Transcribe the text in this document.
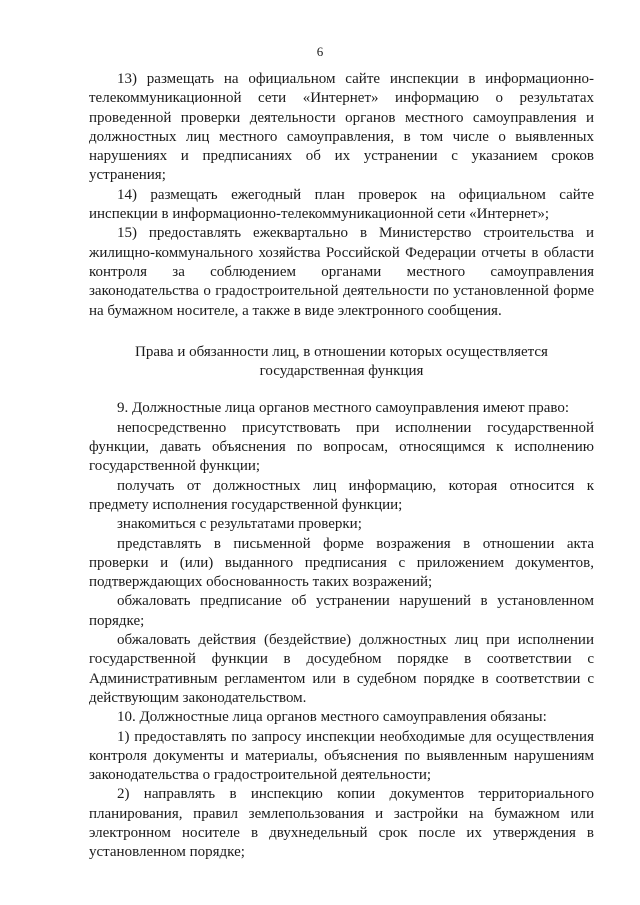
6

13) размещать на официальном сайте инспекции в информационно-телекоммуникационной сети «Интернет» информацию о результатах проведенной проверки деятельности органов местного самоуправления и должностных лиц местного самоуправления, в том числе о выявленных нарушениях и предписаниях об их устранении с указанием сроков устранения;

14) размещать ежегодный план проверок на официальном сайте инспекции в информационно-телекоммуникационной сети «Интернет»;

15) предоставлять ежеквартально в Министерство строительства и жилищно-коммунального хозяйства Российской Федерации отчеты в области контроля за соблюдением органами местного самоуправления законодательства о градостроительной деятельности по установленной форме на бумажном носителе, а также в виде электронного сообщения.

Права и обязанности лиц, в отношении которых осуществляется
государственная функция

9. Должностные лица органов местного самоуправления имеют право:

непосредственно присутствовать при исполнении государственной функции, давать объяснения по вопросам, относящимся к исполнению государственной функции;

получать от должностных лиц информацию, которая относится к предмету исполнения государственной функции;

знакомиться с результатами проверки;

представлять в письменной форме возражения в отношении акта проверки и (или) выданного предписания с приложением документов, подтверждающих обоснованность таких возражений;

обжаловать предписание об устранении нарушений в установленном порядке;

обжаловать действия (бездействие) должностных лиц при исполнении государственной функции в досудебном порядке в соответствии с Административным регламентом или в судебном порядке в соответствии с действующим законодательством.

10. Должностные лица органов местного самоуправления обязаны:

1) предоставлять по запросу инспекции необходимые для осуществления контроля документы и материалы, объяснения по выявленным нарушениям законодательства о градостроительной деятельности;

2) направлять в инспекцию копии документов территориального планирования, правил землепользования и застройки на бумажном или электронном носителе в двухнедельный срок после их утверждения в установленном порядке;
